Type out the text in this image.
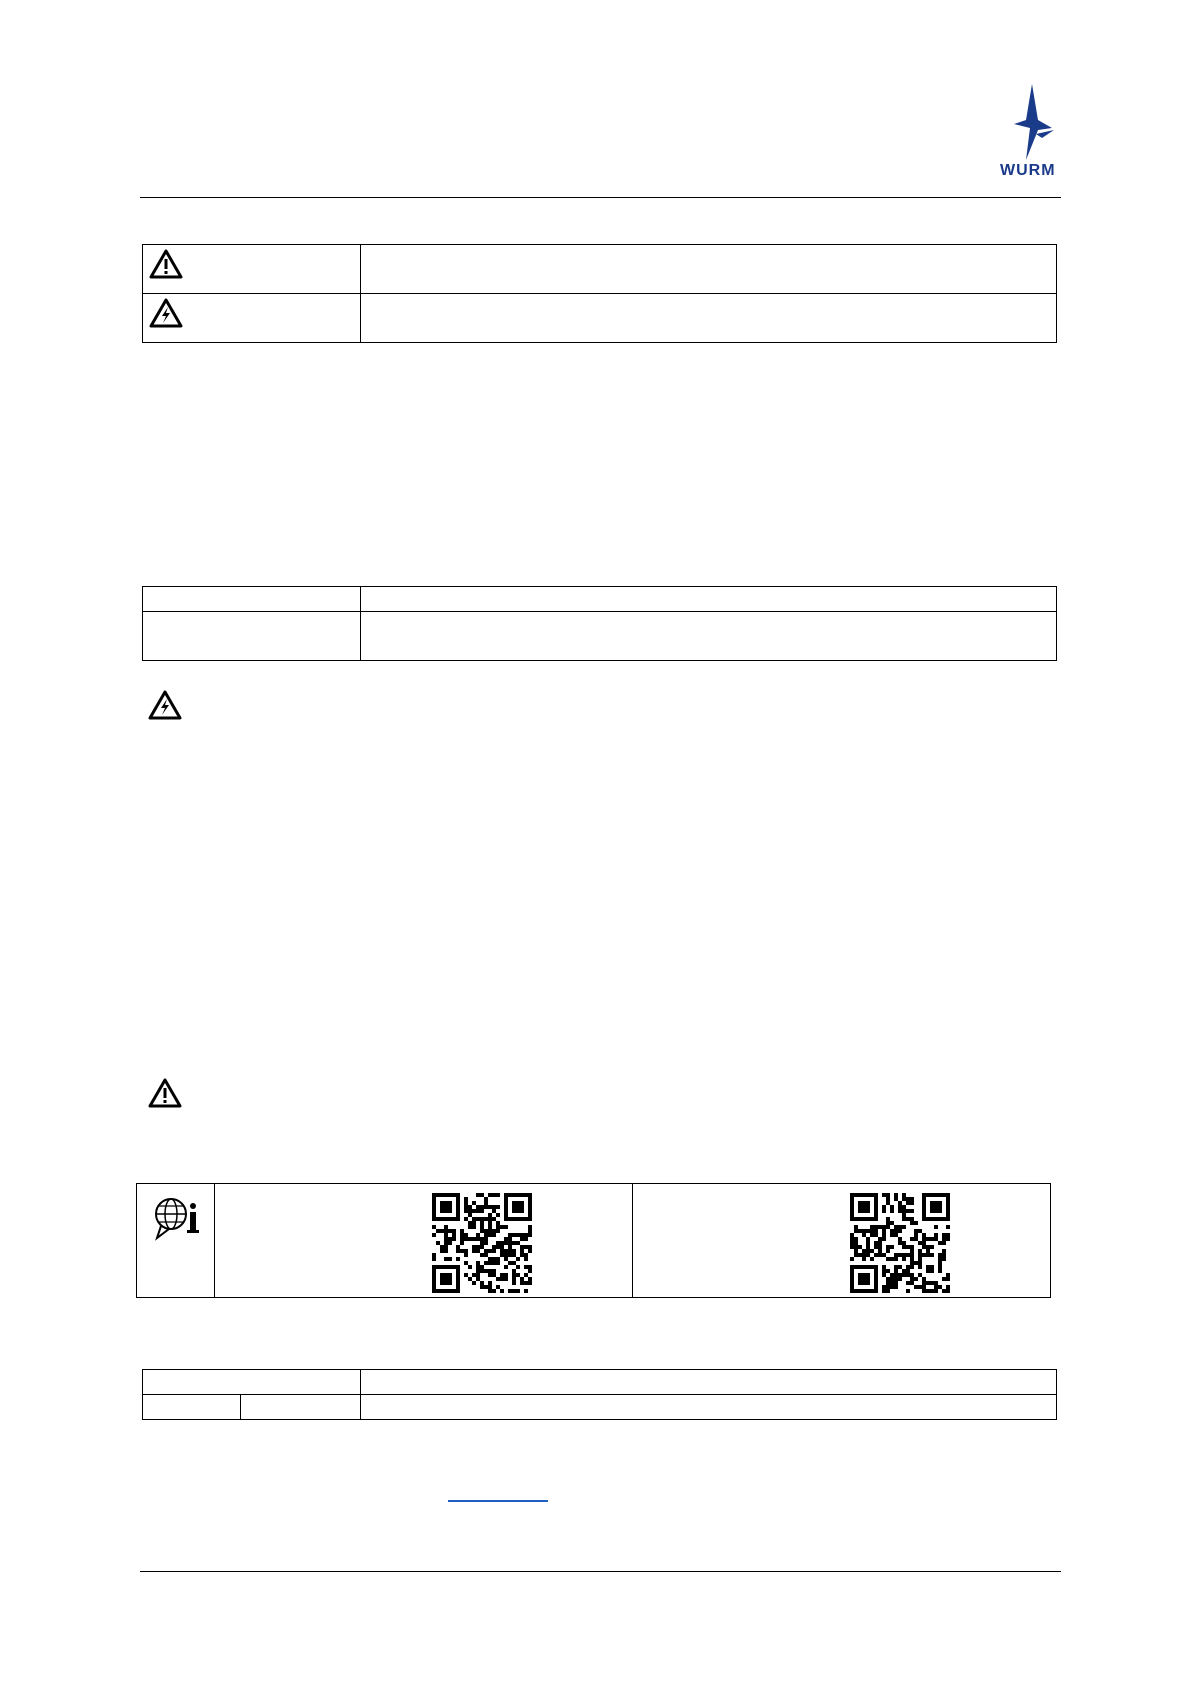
WURM
